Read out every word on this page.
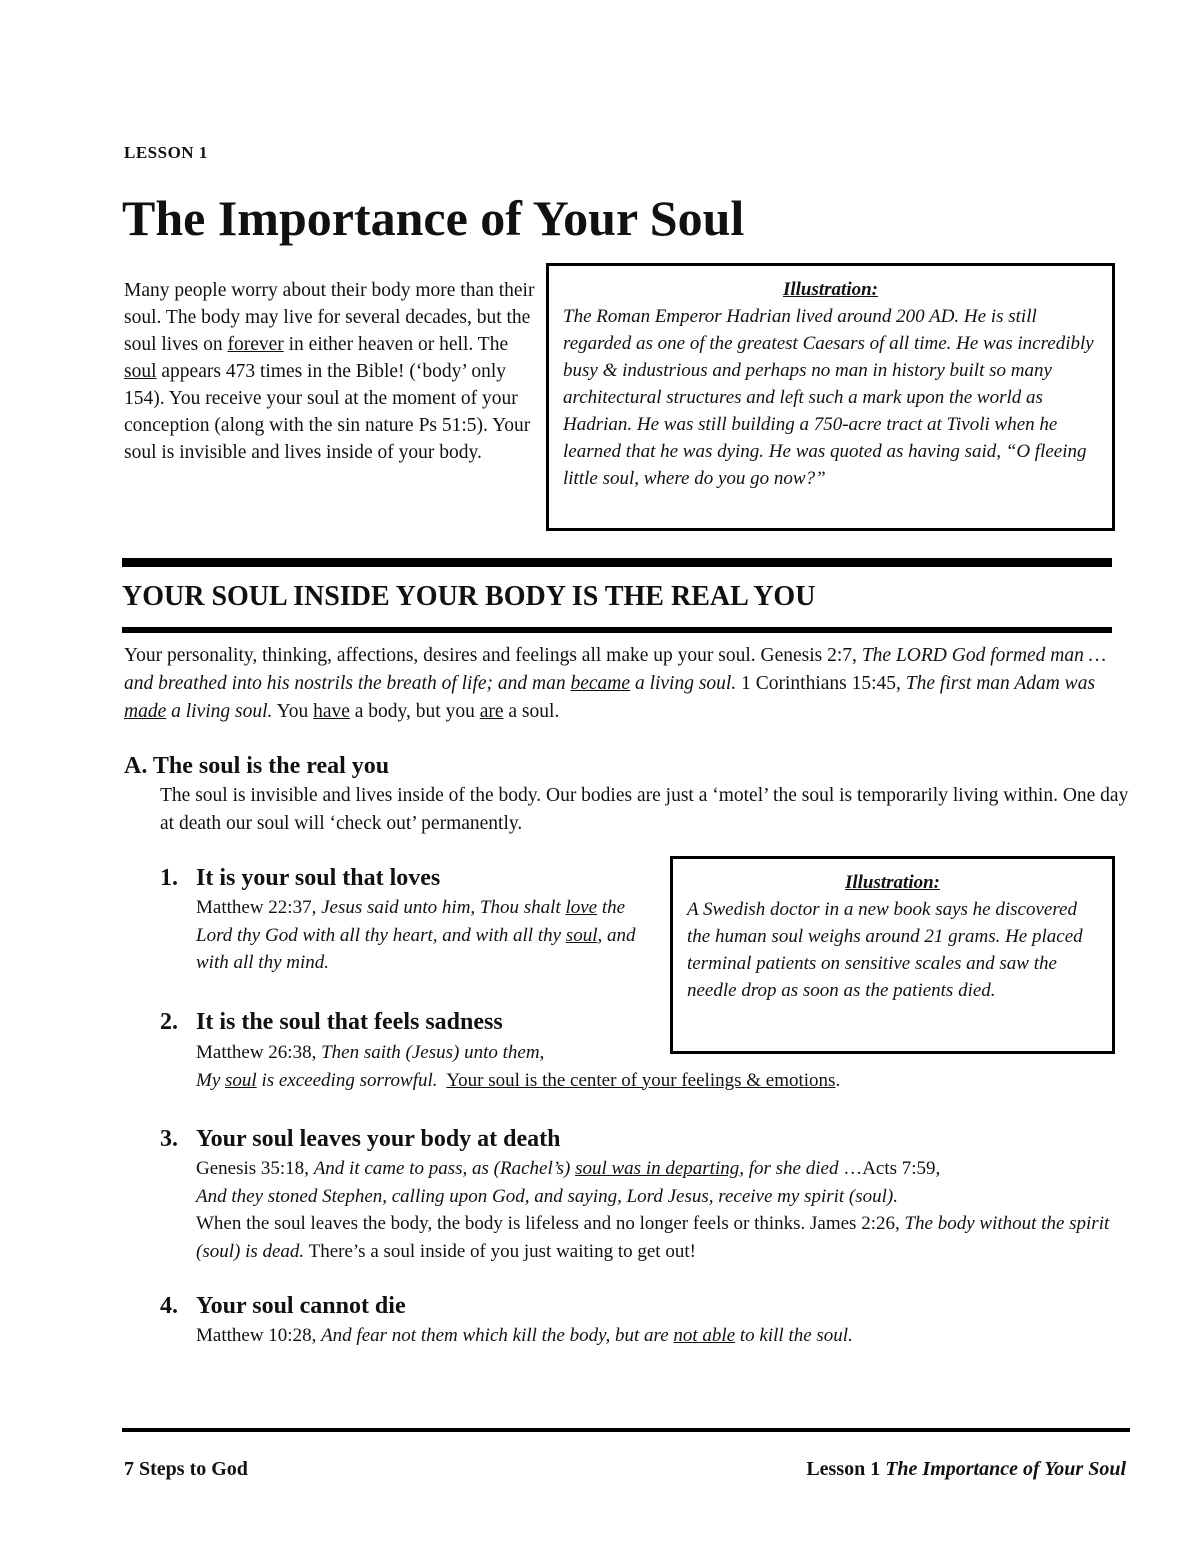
LESSON 1
The Importance of Your Soul
Many people worry about their body more than their soul. The body may live for several decades, but the soul lives on forever in either heaven or hell. The soul appears 473 times in the Bible! (‘body’ only 154). You receive your soul at the moment of your conception (along with the sin nature Ps 51:5). Your soul is invisible and lives inside of your body.
Illustration:
The Roman Emperor Hadrian lived around 200 AD. He is still regarded as one of the greatest Caesars of all time. He was incredibly busy & industrious and perhaps no man in history built so many architectural structures and left such a mark upon the world as Hadrian. He was still building a 750-acre tract at Tivoli when he learned that he was dying. He was quoted as having said, “O fleeing little soul, where do you go now?”
YOUR SOUL INSIDE YOUR BODY IS THE REAL YOU
Your personality, thinking, affections, desires and feelings all make up your soul. Genesis 2:7, The LORD God formed man …and breathed into his nostrils the breath of life; and man became a living soul. 1 Corinthians 15:45, The first man Adam was made a living soul. You have a body, but you are a soul.
A. The soul is the real you
The soul is invisible and lives inside of the body. Our bodies are just a ‘motel’ the soul is temporarily living within. One day at death our soul will ‘check out’ permanently.
1. It is your soul that loves
Matthew 22:37, Jesus said unto him, Thou shalt love the Lord thy God with all thy heart, and with all thy soul, and with all thy mind.
Illustration:
A Swedish doctor in a new book says he discovered the human soul weighs around 21 grams. He placed terminal patients on sensitive scales and saw the needle drop as soon as the patients died.
2. It is the soul that feels sadness
Matthew 26:38, Then saith (Jesus) unto them,
My soul is exceeding sorrowful. Your soul is the center of your feelings & emotions.
3. Your soul leaves your body at death
Genesis 35:18, And it came to pass, as (Rachel’s) soul was in departing, for she died …Acts 7:59,
And they stoned Stephen, calling upon God, and saying, Lord Jesus, receive my spirit (soul).
When the soul leaves the body, the body is lifeless and no longer feels or thinks. James 2:26, The body without the spirit (soul) is dead. There’s a soul inside of you just waiting to get out!
4. Your soul cannot die
Matthew 10:28, And fear not them which kill the body, but are not able to kill the soul.
7 Steps to God	Lesson 1 The Importance of Your Soul
